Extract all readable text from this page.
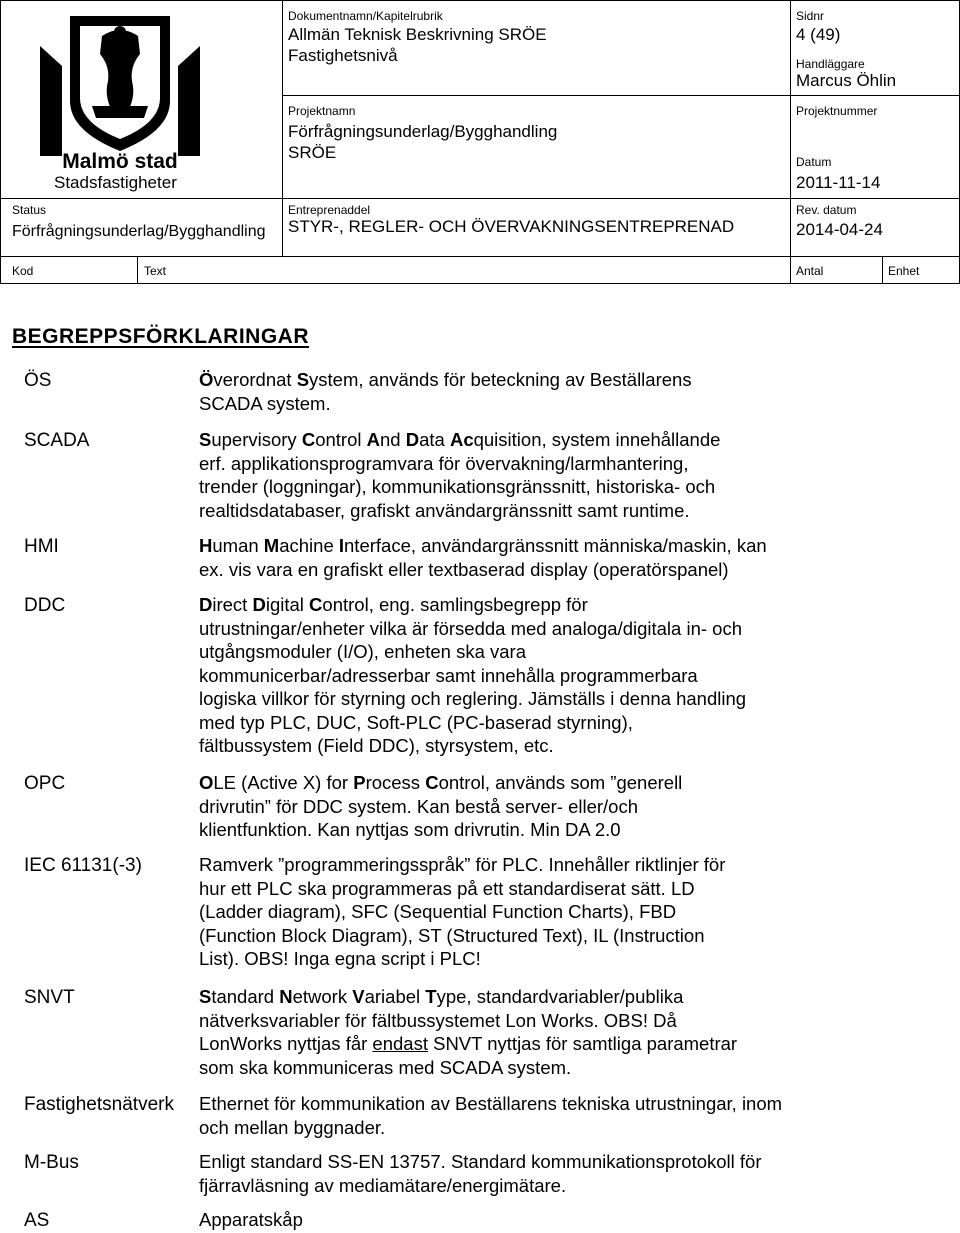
Malmö stad
Stadsfastigheter
Dokumentnamn/Kapitelrubrik
Allmän Teknisk Beskrivning SRÖE
Fastighetsnivå
Sidnr
4 (49)
Handläggare
Marcus Öhlin
Projektnamn
Förfrågningsunderlag/Bygghandling
SRÖE
Projektnummer
Datum
2011-11-14
Status
Förfrågningsunderlag/Bygghandling
Entreprenaddel
STYR-, REGLER- OCH ÖVERVAKNINGSENTREPRENAD
Rev. datum
2014-04-24
Kod	Text	Antal	Enhet
BEGREPPSFÖRKLARINGAR
ÖS	Överordnat System, används för beteckning av Beställarens
SCADA system.
SCADA	Supervisory Control And Data Acquisition, system innehållande
erf. applikationsprogramvara för övervakning/larmhantering,
trender (loggningar), kommunikationsgränssnitt, historiska- och
realtidsdatabaser, grafiskt användargränssnitt samt runtime.
HMI	Human Machine Interface, användargränssnitt människa/maskin, kan
ex. vis vara en grafiskt eller textbaserad display (operatörspanel)
DDC	Direct Digital Control, eng. samlingsbegrepp för
utrustningar/enheter vilka är försedda med analoga/digitala in- och
utgångsmoduler (I/O), enheten ska vara
kommunicerbar/adresserbar samt innehålla programmerbara
logiska villkor för styrning och reglering. Jämställs i denna handling
med typ PLC, DUC, Soft-PLC (PC-baserad styrning),
fältbussystem (Field DDC), styrsystem, etc.
OPC	OLE (Active X) for Process Control, används som ”generell
drivrutin” för DDC system. Kan bestå server- eller/och
klientfunktion. Kan nyttjas som drivrutin. Min DA 2.0
IEC 61131(-3)	Ramverk ”programmeringsspråk” för PLC. Innehåller riktlinjer för
hur ett PLC ska programmeras på ett standardiserat sätt. LD
(Ladder diagram), SFC (Sequential Function Charts), FBD
(Function Block Diagram), ST (Structured Text), IL (Instruction
List). OBS! Inga egna script i PLC!
SNVT	Standard Network Variabel Type, standardvariabler/publika
nätverksvariabler för fältbussystemet Lon Works. OBS! Då
LonWorks nyttjas får endast SNVT nyttjas för samtliga parametrar
som ska kommuniceras med SCADA system.
Fastighetsnätverk Ethernet för kommunikation av Beställarens tekniska utrustningar, inom
och mellan byggnader.
M-Bus	Enligt standard SS-EN 13757. Standard kommunikationsprotokoll för
fjärravläsning av mediamätare/energimätare.
AS	Apparatskåp
